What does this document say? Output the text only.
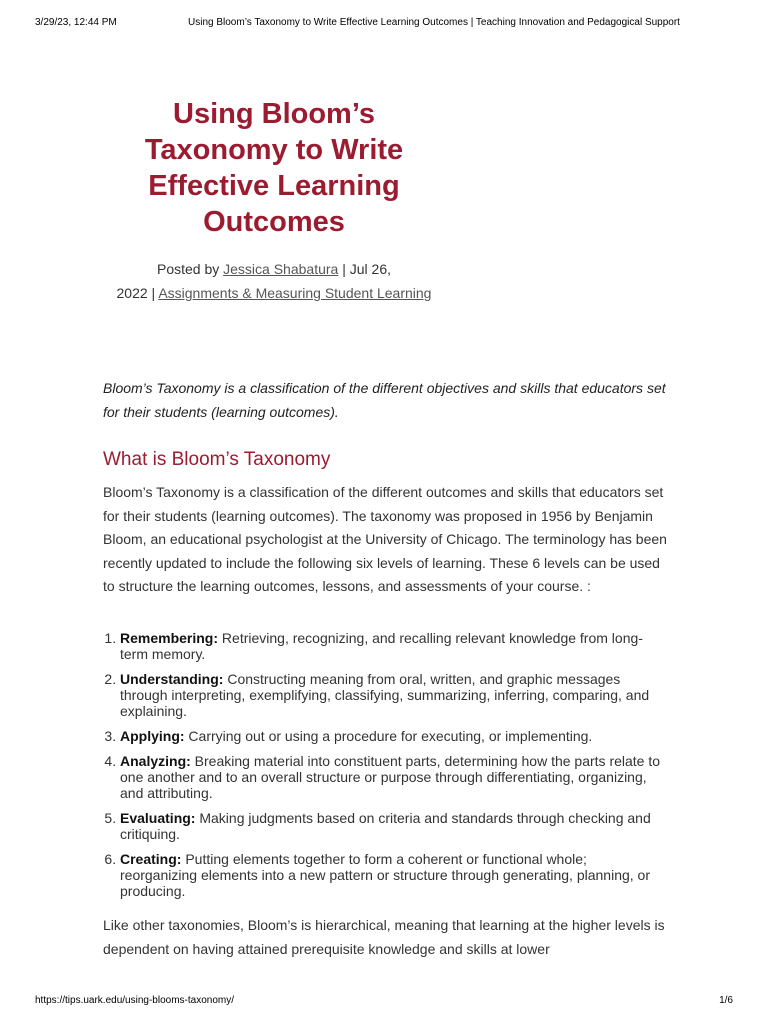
3/29/23, 12:44 PM	Using Bloom’s Taxonomy to Write Effective Learning Outcomes | Teaching Innovation and Pedagogical Support
Using Bloom’s Taxonomy to Write Effective Learning Outcomes
Posted by Jessica Shabatura | Jul 26,
2022 | Assignments & Measuring Student Learning

Bloom’s Taxonomy is a classification of the different objectives and skills that educators set for their students (learning outcomes).

What is Bloom’s Taxonomy

Bloom’s Taxonomy is a classification of the different outcomes and skills that educators set for their students (learning outcomes). The taxonomy was proposed in 1956 by Benjamin Bloom, an educational psychologist at the University of Chicago. The terminology has been recently updated to include the following six levels of learning. These 6 levels can be used to structure the learning outcomes, lessons, and assessments of your course. :

1. Remembering: Retrieving, recognizing, and recalling relevant knowledge from long-term memory.
2. Understanding: Constructing meaning from oral, written, and graphic messages through interpreting, exemplifying, classifying, summarizing, inferring, comparing, and explaining.
3. Applying: Carrying out or using a procedure for executing, or implementing.
4. Analyzing: Breaking material into constituent parts, determining how the parts relate to one another and to an overall structure or purpose through differentiating, organizing, and attributing.
5. Evaluating: Making judgments based on criteria and standards through checking and critiquing.
6. Creating: Putting elements together to form a coherent or functional whole; reorganizing elements into a new pattern or structure through generating, planning, or producing.

Like other taxonomies, Bloom’s is hierarchical, meaning that learning at the higher levels is dependent on having attained prerequisite knowledge and skills at lower

https://tips.uark.edu/using-blooms-taxonomy/	1/6
